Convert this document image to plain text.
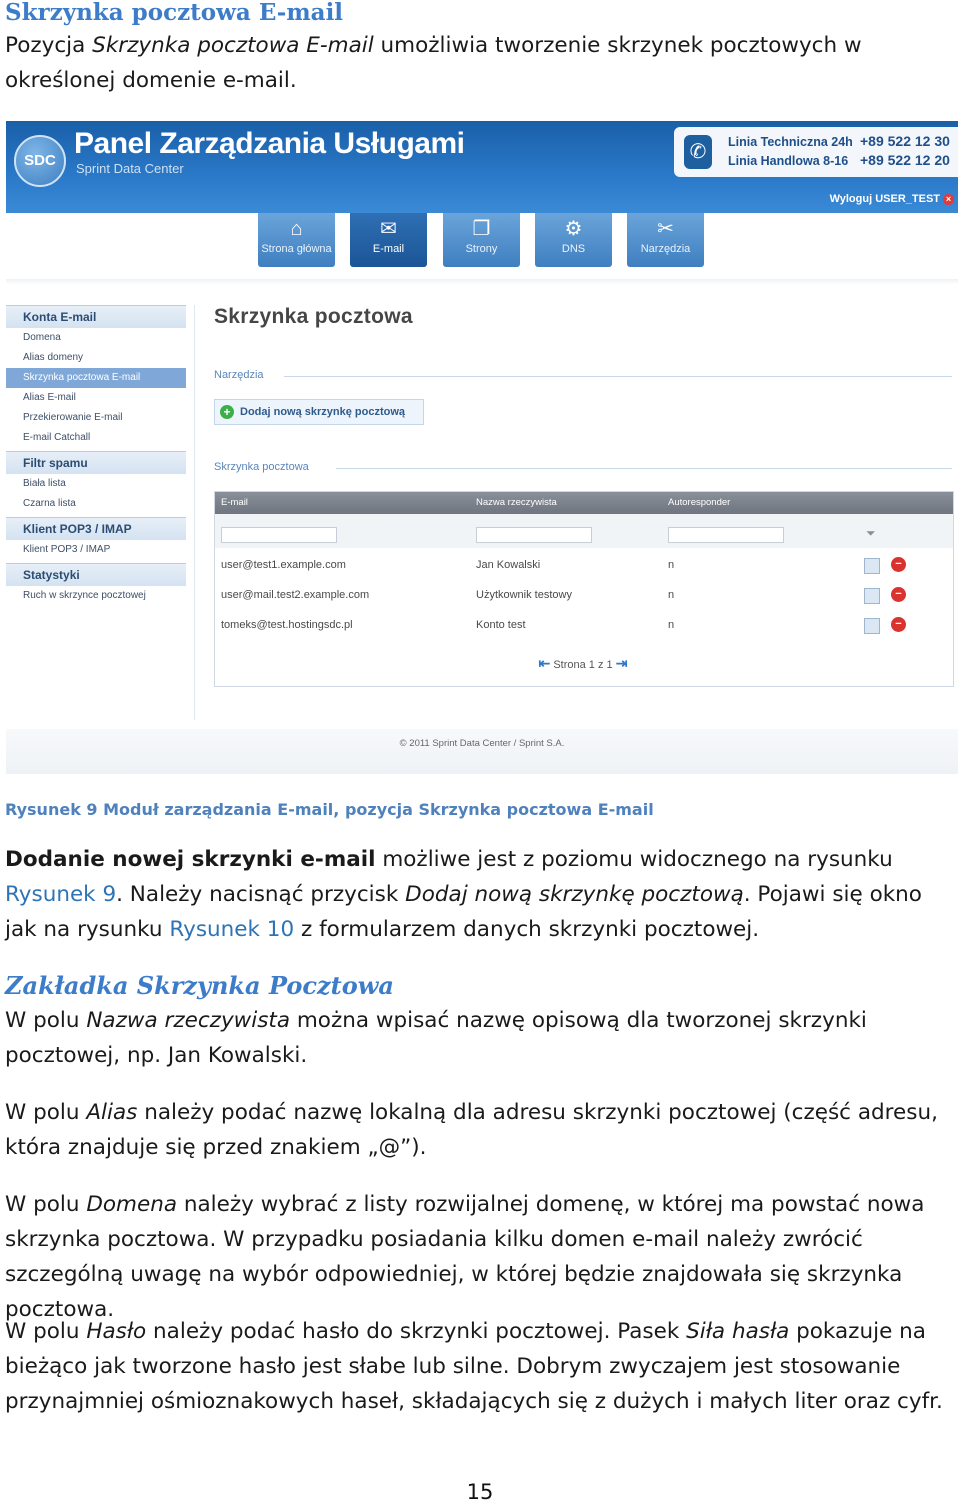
Skrzynka pocztowa E-mail

Pozycja Skrzynka pocztowa E-mail umożliwia tworzenie skrzynek pocztowych w określonej domenie e-mail.

SDC
Panel Zarządzania Usługami
Sprint Data Center
✆	Linia Techniczna 24h +89 522 12 30
Linia Handlowa 8-16 +89 522 12 20
Wyloguj USER_TEST ×
⌂
Strona główna
✉
E-mail
❐
Strony
⚙
DNS
✂
Narzędzia
Konta E-mail
Domena
Alias domeny
Skrzynka pocztowa E-mail
Alias E-mail
Przekierowanie E-mail
E-mail Catchall
Filtr spamu
Biała lista
Czarna lista
Klient POP3 / IMAP
Klient POP3 / IMAP
Statystyki
Ruch w skrzynce pocztowej
Skrzynka pocztowa
Narzędzia
+ Dodaj nową skrzynkę pocztową
Skrzynka pocztowa
E-mail	Nazwa rzeczywista	Autoresponder
⏷
user@test1.example.com	Jan Kowalski	n	−
user@mail.test2.example.com	Użytkownik testowy	n	−
tomeks@test.hostingsdc.pl	Konto test	n	−
⇤ Strona 1 z 1 ⇥
© 2011 Sprint Data Center / Sprint S.A.
Rysunek 9 Moduł zarządzania E-mail, pozycja Skrzynka pocztowa E-mail

Dodanie nowej skrzynki e-mail możliwe jest z poziomu widocznego na rysunku Rysunek 9. Należy nacisnąć przycisk Dodaj nową skrzynkę pocztową. Pojawi się okno jak na rysunku Rysunek 10 z formularzem danych skrzynki pocztowej.

Zakładka Skrzynka Pocztowa

W polu Nazwa rzeczywista można wpisać nazwę opisową dla tworzonej skrzynki pocztowej, np. Jan Kowalski.

W polu Alias należy podać nazwę lokalną dla adresu skrzynki pocztowej (część adresu, która znajduje się przed znakiem „@”).

W polu Domena należy wybrać z listy rozwijalnej domenę, w której ma powstać nowa skrzynka pocztowa. W przypadku posiadania kilku domen e-mail należy zwrócić szczególną uwagę na wybór odpowiedniej, w której będzie znajdowała się skrzynka pocztowa.

W polu Hasło należy podać hasło do skrzynki pocztowej. Pasek Siła hasła pokazuje na bieżąco jak tworzone hasło jest słabe lub silne. Dobrym zwyczajem jest stosowanie przynajmniej ośmioznakowych haseł, składających się z dużych i małych liter oraz cyfr.

15
